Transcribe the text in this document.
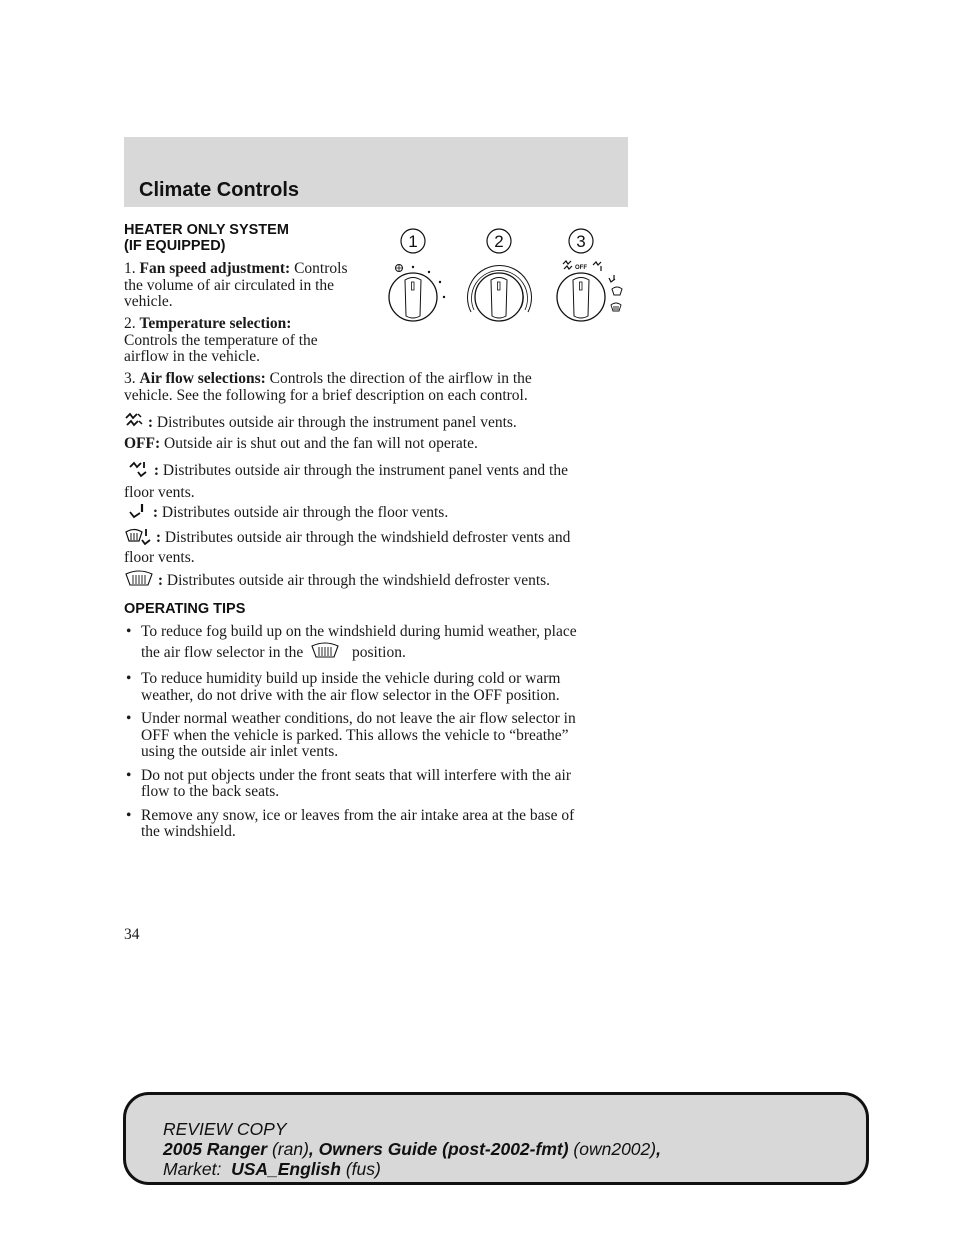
Climate Controls
HEATER ONLY SYSTEM
(IF EQUIPPED)
1. Fan speed adjustment: Controls
the volume of air circulated in the
vehicle.
2. Temperature selection:
Controls the temperature of the
airflow in the vehicle.
1	2	3
OFF
3. Air flow selections: Controls the direction of the airflow in the
vehicle. See the following for a brief description on each control.
: Distributes outside air through the instrument panel vents.
OFF: Outside air is shut out and the fan will not operate.
: Distributes outside air through the instrument panel vents and the
floor vents.
: Distributes outside air through the floor vents.
: Distributes outside air through the windshield defroster vents and
floor vents.
: Distributes outside air through the windshield defroster vents.
OPERATING TIPS
• To reduce fog build up on the windshield during humid weather, place
the air flow selector in the	position.
• To reduce humidity build up inside the vehicle during cold or warm
weather, do not drive with the air flow selector in the OFF position.
• Under normal weather conditions, do not leave the air flow selector in
OFF when the vehicle is parked. This allows the vehicle to “breathe”
using the outside air inlet vents.
• Do not put objects under the front seats that will interfere with the air
flow to the back seats.
• Remove any snow, ice or leaves from the air intake area at the base of
the windshield.
34
REVIEW COPY
2005 Ranger (ran), Owners Guide (post-2002-fmt) (own2002),
Market:  USA_English (fus)
